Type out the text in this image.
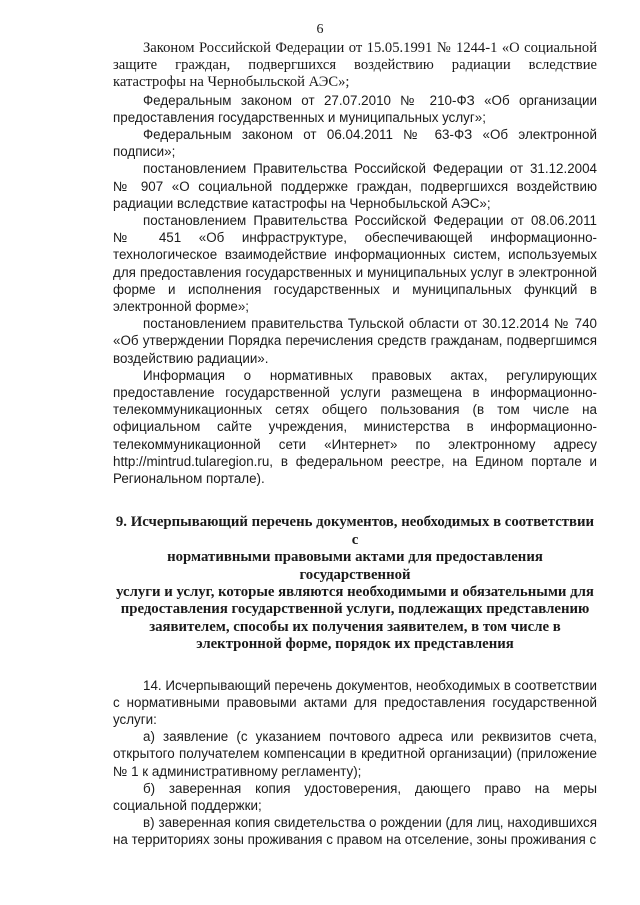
6

Законом Российской Федерации от 15.05.1991 № 1244-1 «О социальной защите граждан, подвергшихся воздействию радиации вследствие катастрофы на Чернобыльской АЭС»;

Федеральным законом от 27.07.2010 № 210-ФЗ «Об организации предоставления государственных и муниципальных услуг»;

Федеральным законом от 06.04.2011 № 63-ФЗ «Об электронной подписи»;

постановлением Правительства Российской Федерации от 31.12.2004 № 907 «О социальной поддержке граждан, подвергшихся воздействию радиации вследствие катастрофы на Чернобыльской АЭС»;

постановлением Правительства Российской Федерации от 08.06.2011 № 451 «Об инфраструктуре, обеспечивающей информационно-технологическое взаимодействие информационных систем, используемых для предоставления государственных и муниципальных услуг в электронной форме и исполнения государственных и муниципальных функций в электронной форме»;

постановлением правительства Тульской области от 30.12.2014 № 740 «Об утверждении Порядка перечисления средств гражданам, подвергшимся воздействию радиации».

Информация о нормативных правовых актах, регулирующих предоставление государственной услуги размещена в информационно-телекоммуникационных сетях общего пользования (в том числе на официальном сайте учреждения, министерства в информационно-телекоммуникационной сети «Интернет» по электронному адресу http://mintrud.tularegion.ru, в федеральном реестре, на Едином портале и Региональном портале).

9. Исчерпывающий перечень документов, необходимых в соответствии с
нормативными правовыми актами для предоставления государственной
услуги и услуг, которые являются необходимыми и обязательными для
предоставления государственной услуги, подлежащих представлению
заявителем, способы их получения заявителем, в том числе в
электронной форме, порядок их представления

14. Исчерпывающий перечень документов, необходимых в соответствии с нормативными правовыми актами для предоставления государственной услуги:

а) заявление (с указанием почтового адреса или реквизитов счета, открытого получателем компенсации в кредитной организации) (приложение № 1 к административному регламенту);

б) заверенная копия удостоверения, дающего право на меры социальной поддержки;

в) заверенная копия свидетельства о рождении (для лиц, находившихся на территориях зоны проживания с правом на отселение, зоны проживания с
